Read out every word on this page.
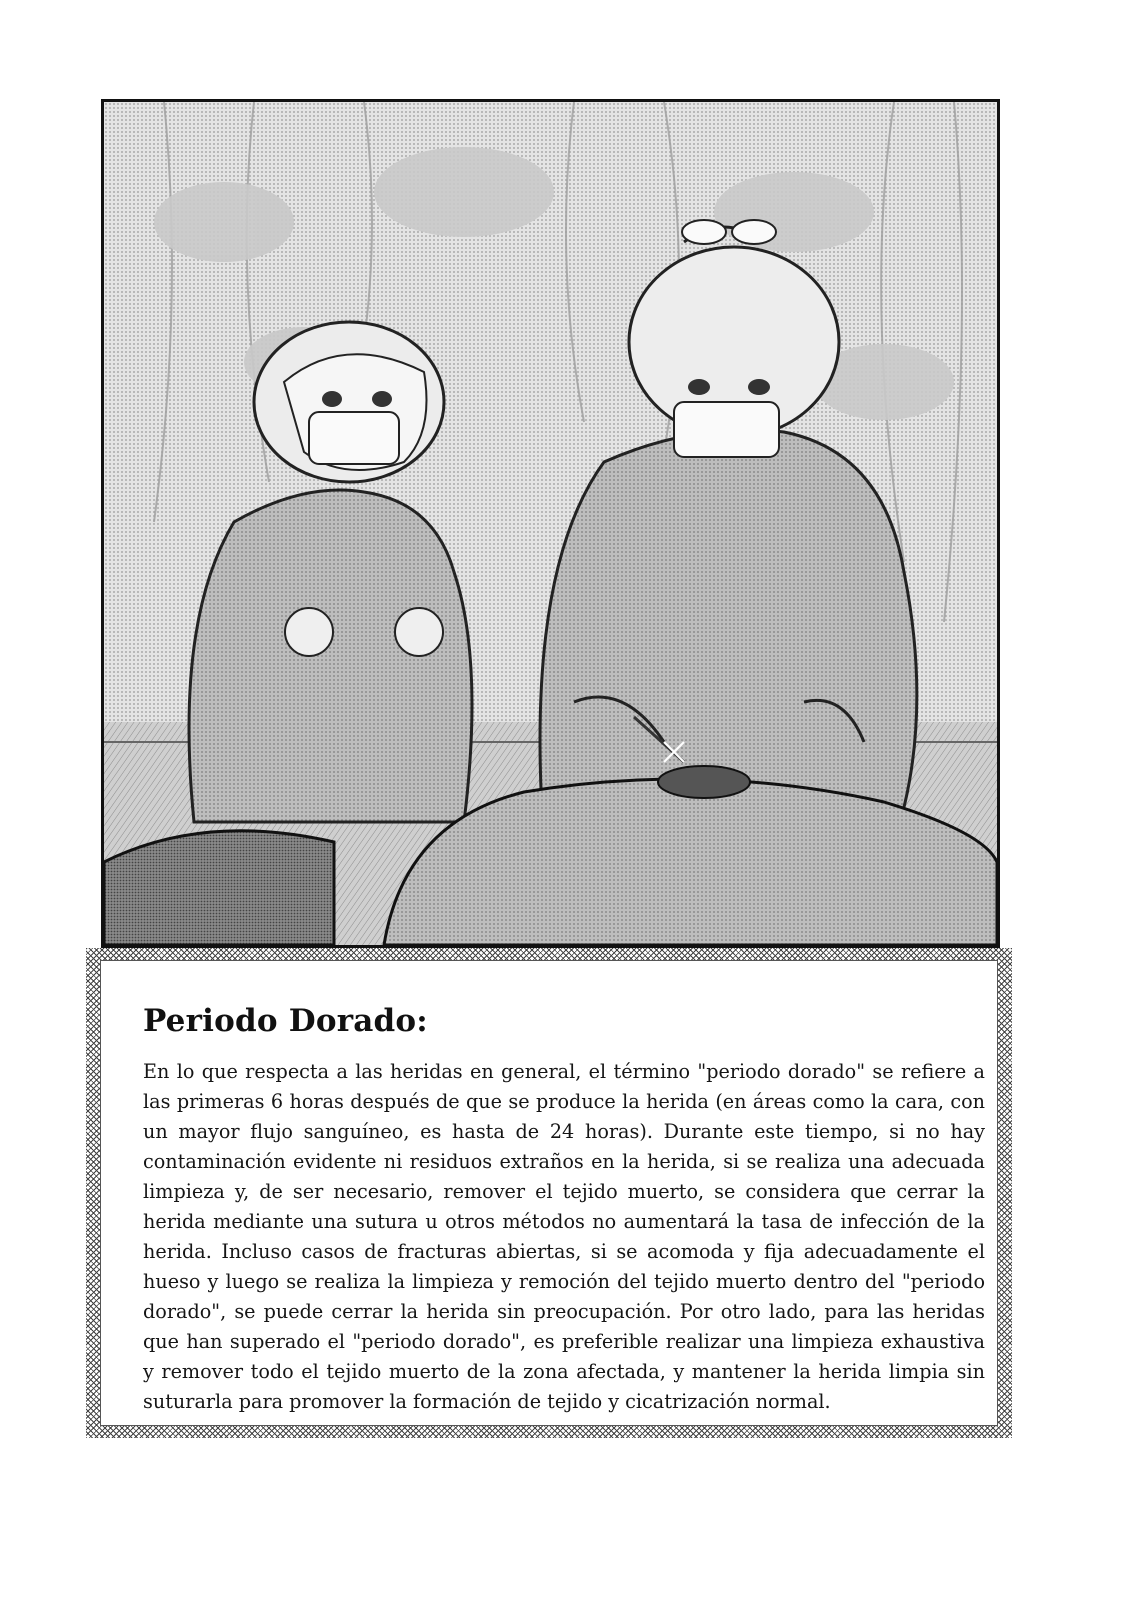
Periodo Dorado:

En lo que respecta a las heridas en general, el término "periodo dorado" se refiere a las primeras 6 horas después de que se produce la herida (en áreas como la cara, con un mayor flujo sanguíneo, es hasta de 24 horas). Durante este tiempo, si no hay contaminación evidente ni residuos extraños en la herida, si se realiza una adecuada limpieza y, de ser necesario, remover el tejido muerto, se considera que cerrar la herida mediante una sutura u otros métodos no aumentará la tasa de infección de la herida. Incluso casos de fracturas abiertas, si se acomoda y fija adecuadamente el hueso y luego se realiza la limpieza y remoción del tejido muerto dentro del "periodo dorado", se puede cerrar la herida sin preocupación. Por otro lado, para las heridas que han superado el "periodo dorado", es preferible realizar una limpieza exhaustiva y remover todo el tejido muerto de la zona afectada, y mantener la herida limpia sin suturarla para promover la formación de tejido y cicatrización normal.
